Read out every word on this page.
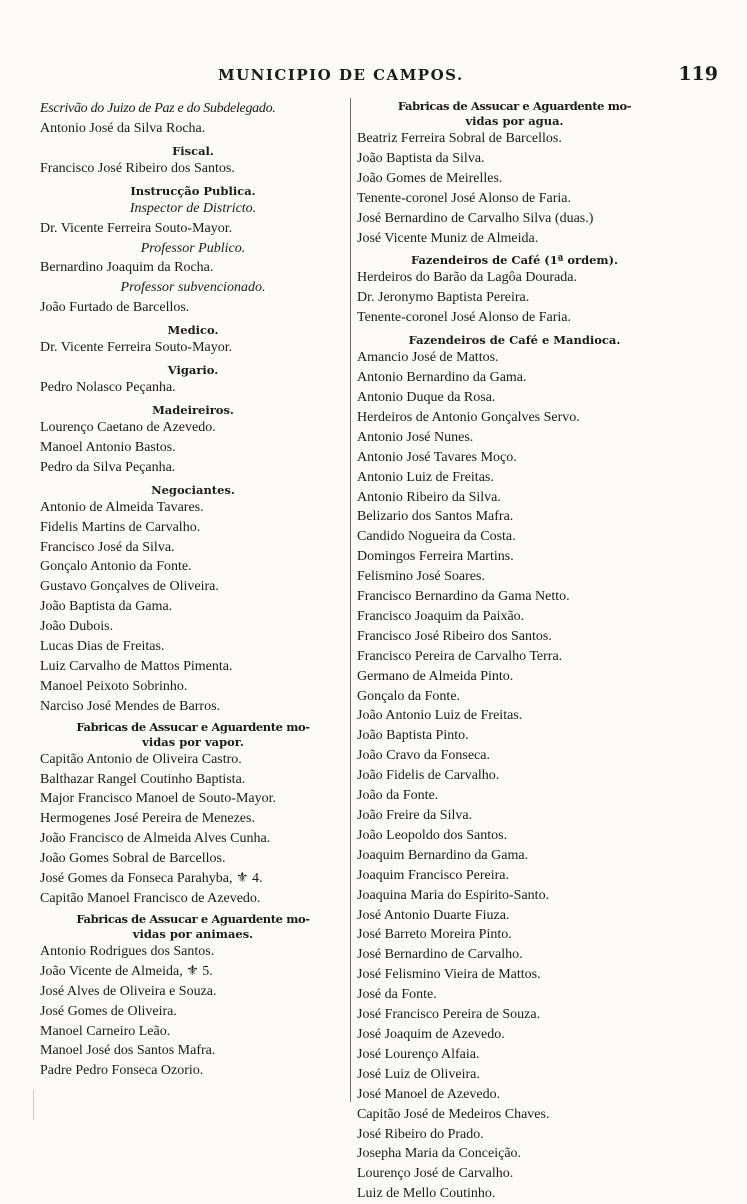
MUNICIPIO DE CAMPOS.	119
Escrivão do Juizo de Paz e do Subdelegado.
Antonio José da Silva Rocha.
Fiscal.
Francisco José Ribeiro dos Santos.
Instrucção Publica.
Inspector de Districto.
Dr. Vicente Ferreira Souto-Mayor.
Professor Publico.
Bernardino Joaquim da Rocha.
Professor subvencionado.
João Furtado de Barcellos.
Medico.
Dr. Vicente Ferreira Souto-Mayor.
Vigario.
Pedro Nolasco Peçanha.
Madeireiros.
Lourenço Caetano de Azevedo.
Manoel Antonio Bastos.
Pedro da Silva Peçanha.
Negociantes.
Antonio de Almeida Tavares.
Fidelis Martins de Carvalho.
Francisco José da Silva.
Gonçalo Antonio da Fonte.
Gustavo Gonçalves de Oliveira.
João Baptista da Gama.
João Dubois.
Lucas Dias de Freitas.
Luiz Carvalho de Mattos Pimenta.
Manoel Peixoto Sobrinho.
Narciso José Mendes de Barros.
Fabricas de Assucar e Aguardente mo-
vidas por vapor.
Capitão Antonio de Oliveira Castro.
Balthazar Rangel Coutinho Baptista.
Major Francisco Manoel de Souto-Mayor.
Hermogenes José Pereira de Menezes.
João Francisco de Almeida Alves Cunha.
João Gomes Sobral de Barcellos.
José Gomes da Fonseca Parahyba, ⚜ 4.
Capitão Manoel Francisco de Azevedo.
Fabricas de Assucar e Aguardente mo-
vidas por animaes.
Antonio Rodrigues dos Santos.
João Vicente de Almeida, ⚜ 5.
José Alves de Oliveira e Souza.
José Gomes de Oliveira.
Manoel Carneiro Leão.
Manoel José dos Santos Mafra.
Padre Pedro Fonseca Ozorio.
Fabricas de Assucar e Aguardente mo-
vidas por agua.
Beatriz Ferreira Sobral de Barcellos.
João Baptista da Silva.
João Gomes de Meirelles.
Tenente-coronel José Alonso de Faria.
José Bernardino de Carvalho Silva (duas.)
José Vicente Muniz de Almeida.
Fazendeiros de Café (1ª ordem).
Herdeiros do Barão da Lagôa Dourada.
Dr. Jeronymo Baptista Pereira.
Tenente-coronel José Alonso de Faria.
Fazendeiros de Café e Mandioca.
Amancio José de Mattos.
Antonio Bernardino da Gama.
Antonio Duque da Rosa.
Herdeiros de Antonio Gonçalves Servo.
Antonio José Nunes.
Antonio José Tavares Moço.
Antonio Luiz de Freitas.
Antonio Ribeiro da Silva.
Belizario dos Santos Mafra.
Candido Nogueira da Costa.
Domingos Ferreira Martins.
Felismino José Soares.
Francisco Bernardino da Gama Netto.
Francisco Joaquim da Paixão.
Francisco José Ribeiro dos Santos.
Francisco Pereira de Carvalho Terra.
Germano de Almeida Pinto.
Gonçalo da Fonte.
João Antonio Luiz de Freitas.
João Baptista Pinto.
João Cravo da Fonseca.
João Fidelis de Carvalho.
João da Fonte.
João Freire da Silva.
João Leopoldo dos Santos.
Joaquim Bernardino da Gama.
Joaquim Francisco Pereira.
Joaquina Maria do Espirito-Santo.
José Antonio Duarte Fiuza.
José Barreto Moreira Pinto.
José Bernardino de Carvalho.
José Felismino Vieira de Mattos.
José da Fonte.
José Francisco Pereira de Souza.
José Joaquim de Azevedo.
José Lourenço Alfaia.
José Luiz de Oliveira.
José Manoel de Azevedo.
Capitão José de Medeiros Chaves.
José Ribeiro do Prado.
Josepha Maria da Conceição.
Lourenço José de Carvalho.
Luiz de Mello Coutinho.
